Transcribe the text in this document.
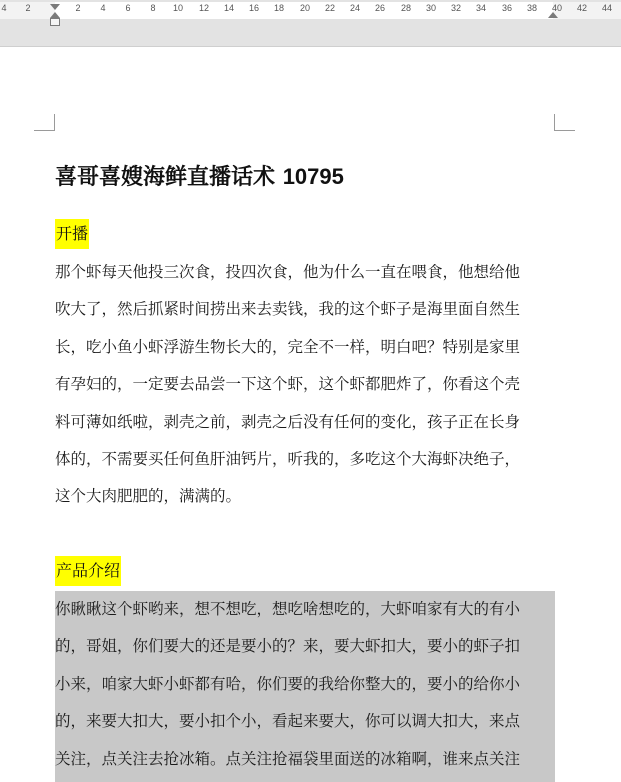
4 2	2 4 6 8 10 12 14 16 18 20 22 24 26 28 30 32 34 36 38 40 42 44
喜哥喜嫂海鲜直播话术 10795
开播
那个虾每天他投三次食，投四次食，他为什么一直在喂食，他想给他
吹大了，然后抓紧时间捞出来去卖钱，我的这个虾子是海里面自然生
长，吃小鱼小虾浮游生物长大的，完全不一样，明白吧？特别是家里
有孕妇的，一定要去品尝一下这个虾，这个虾都肥炸了，你看这个壳
料可薄如纸啦，剥壳之前，剥壳之后没有任何的变化，孩子正在长身
体的，不需要买任何鱼肝油钙片，听我的，多吃这个大海虾决绝子，
这个大肉肥肥的，满满的。
产品介绍
你瞅瞅这个虾哟来，想不想吃，想吃啥想吃的，大虾咱家有大的有小
的，哥姐，你们要大的还是要小的？来，要大虾扣大，要小的虾子扣
小来，咱家大虾小虾都有哈，你们要的我给你整大的，要小的给你小
的，来要大扣大，要小扣个小，看起来要大，你可以调大扣大，来点
关注，点关注去抢冰箱。点关注抢福袋里面送的冰箱啊，谁来点关注
